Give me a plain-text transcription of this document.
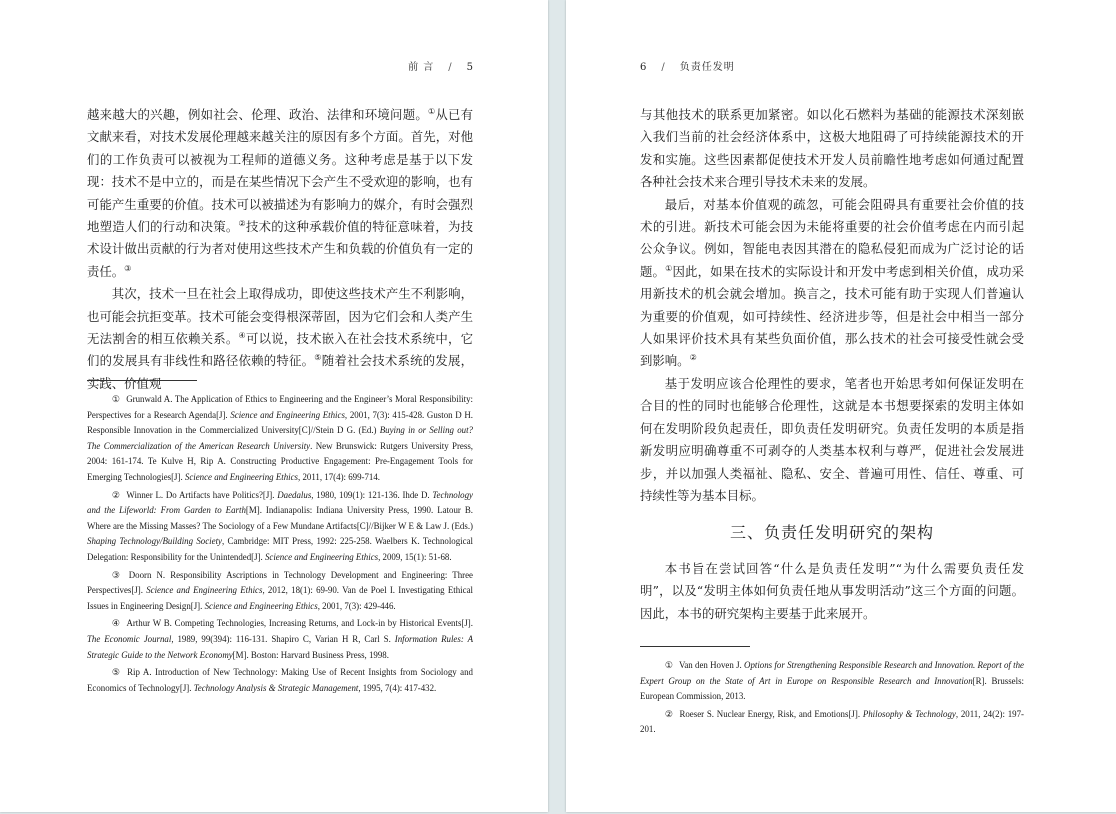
前 言 / 5

越来越大的兴趣，例如社会、伦理、政治、法律和环境问题。①从已有文献来看，对技术发展伦理越来越关注的原因有多个方面。首先，对他们的工作负责可以被视为工程师的道德义务。这种考虑是基于以下发现：技术不是中立的，而是在某些情况下会产生不受欢迎的影响，也有可能产生重要的价值。技术可以被描述为有影响力的媒介，有时会强烈地塑造人们的行动和决策。②技术的这种承载价值的特征意味着，为技术设计做出贡献的行为者对使用这些技术产生和负载的价值负有一定的责任。③

其次，技术一旦在社会上取得成功，即使这些技术产生不利影响，也可能会抗拒变革。技术可能会变得根深蒂固，因为它们会和人类产生无法割舍的相互依赖关系。④可以说，技术嵌入在社会技术系统中，它们的发展具有非线性和路径依赖的特征。⑤随着社会技术系统的发展，实践、价值观

① Grunwald A. The Application of Ethics to Engineering and the Engineer’s Moral Responsibility: Perspectives for a Research Agenda[J]. Science and Engineering Ethics, 2001, 7(3): 415-428. Guston D H. Responsible Innovation in the Commercialized University[C]//Stein D G. (Ed.) Buying in or Selling out? The Commercialization of the American Research University. New Brunswick: Rutgers University Press, 2004: 161-174. Te Kulve H, Rip A. Constructing Productive Engagement: Pre-Engagement Tools for Emerging Technologies[J]. Science and Engineering Ethics, 2011, 17(4): 699-714.

② Winner L. Do Artifacts have Politics?[J]. Daedalus, 1980, 109(1): 121-136. Ihde D. Technology and the Lifeworld: From Garden to Earth[M]. Indianapolis: Indiana University Press, 1990. Latour B. Where are the Missing Masses? The Sociology of a Few Mundane Artifacts[C]//Bijker W E & Law J. (Eds.) Shaping Technology/Building Society, Cambridge: MIT Press, 1992: 225-258. Waelbers K. Technological Delegation: Responsibility for the Unintended[J]. Science and Engineering Ethics, 2009, 15(1): 51-68.

③ Doorn N. Responsibility Ascriptions in Technology Development and Engineering: Three Perspectives[J]. Science and Engineering Ethics, 2012, 18(1): 69-90. Van de Poel I. Investigating Ethical Issues in Engineering Design[J]. Science and Engineering Ethics, 2001, 7(3): 429-446.

④ Arthur W B. Competing Technologies, Increasing Returns, and Lock-in by Historical Events[J]. The Economic Journal, 1989, 99(394): 116-131. Shapiro C, Varian H R, Carl S. Information Rules: A Strategic Guide to the Network Economy[M]. Boston: Harvard Business Press, 1998.

⑤ Rip A. Introduction of New Technology: Making Use of Recent Insights from Sociology and Economics of Technology[J]. Technology Analysis & Strategic Management, 1995, 7(4): 417-432.

6 / 负责任发明

与其他技术的联系更加紧密。如以化石燃料为基础的能源技术深刻嵌入我们当前的社会经济体系中，这极大地阻碍了可持续能源技术的开发和实施。这些因素都促使技术开发人员前瞻性地考虑如何通过配置各种社会技术来合理引导技术未来的发展。

最后，对基本价值观的疏忽，可能会阻碍具有重要社会价值的技术的引进。新技术可能会因为未能将重要的社会价值考虑在内而引起公众争议。例如，智能电表因其潜在的隐私侵犯而成为广泛讨论的话题。①因此，如果在技术的实际设计和开发中考虑到相关价值，成功采用新技术的机会就会增加。换言之，技术可能有助于实现人们普遍认为重要的价值观，如可持续性、经济进步等，但是社会中相当一部分人如果评价技术具有某些负面价值，那么技术的社会可接受性就会受到影响。②

基于发明应该合伦理性的要求，笔者也开始思考如何保证发明在合目的性的同时也能够合伦理性，这就是本书想要探索的发明主体如何在发明阶段负起责任，即负责任发明研究。负责任发明的本质是指新发明应明确尊重不可剥夺的人类基本权利与尊严，促进社会发展进步，并以加强人类福祉、隐私、安全、普遍可用性、信任、尊重、可持续性等为基本目标。

三、负责任发明研究的架构

本书旨在尝试回答“什么是负责任发明”“为什么需要负责任发明”，以及“发明主体如何负责任地从事发明活动”这三个方面的问题。因此，本书的研究架构主要基于此来展开。

① Van den Hoven J. Options for Strengthening Responsible Research and Innovation. Report of the Expert Group on the State of Art in Europe on Responsible Research and Innovation[R]. Brussels: European Commission, 2013.

② Roeser S. Nuclear Energy, Risk, and Emotions[J]. Philosophy & Technology, 2011, 24(2): 197-201.
